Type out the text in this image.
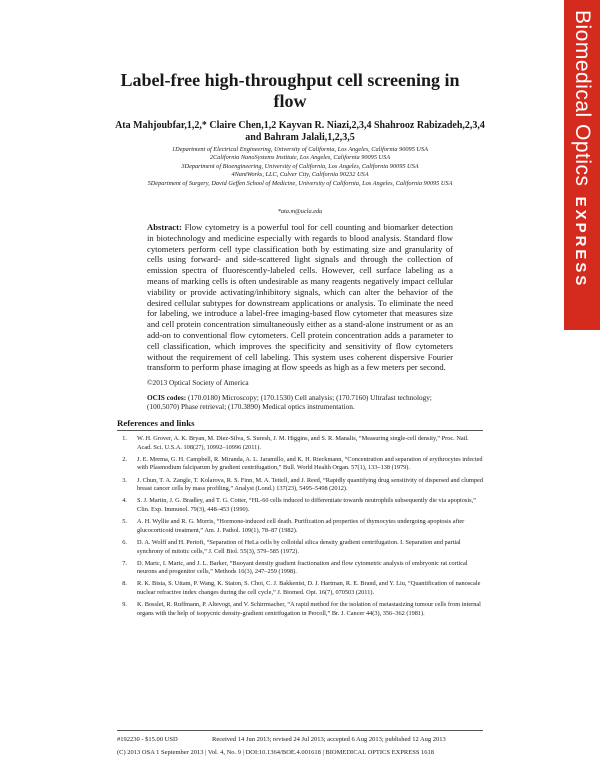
Biomedical OpticsEXPRESS
Label-free high-throughput cell screening in flow
Ata Mahjoubfar,1,2,* Claire Chen,1,2 Kayvan R. Niazi,2,3,4 Shahrooz Rabizadeh,2,3,4 and Bahram Jalali,1,2,3,5
1Department of Electrical Engineering, University of California, Los Angeles, California 90095 USA
2California NanoSystems Institute, Los Angeles, California 90095 USA
3Department of Bioengineering, University of California, Los Angeles, California 90095 USA
4NantWorks, LLC, Culver City, California 90232 USA
5Department of Surgery, David Geffen School of Medicine, University of California, Los Angeles, California 90095 USA
*ata.m@ucla.edu
Abstract: Flow cytometry is a powerful tool for cell counting and biomarker detection in biotechnology and medicine especially with regards to blood analysis. Standard flow cytometers perform cell type classification both by estimating size and granularity of cells using forward- and side-scattered light signals and through the collection of emission spectra of fluorescently-labeled cells. However, cell surface labeling as a means of marking cells is often undesirable as many reagents negatively impact cellular viability or provide activating/inhibitory signals, which can alter the behavior of the desired cellular subtypes for downstream applications or analysis. To eliminate the need for labeling, we introduce a label-free imaging-based flow cytometer that measures size and cell protein concentration simultaneously either as a stand-alone instrument or as an add-on to conventional flow cytometers. Cell protein concentration adds a parameter to cell classification, which improves the specificity and sensitivity of flow cytometers without the requirement of cell labeling. This system uses coherent dispersive Fourier transform to perform phase imaging at flow speeds as high as a few meters per second.
©2013 Optical Society of America
OCIS codes: (170.0180) Microscopy; (170.1530) Cell analysis; (170.7160) Ultrafast technology; (100.5070) Phase retrieval; (170.3890) Medical optics instrumentation.
References and links
1. W. H. Grover, A. K. Bryan, M. Diez-Silva, S. Suresh, J. M. Higgins, and S. R. Manalis, “Measuring single-cell density,” Proc. Natl. Acad. Sci. U.S.A. 108(27), 10992–10996 (2011).
2. J. E. Mrema, G. H. Campbell, R. Miranda, A. L. Jaramillo, and K. H. Rieckmann, “Concentration and separation of erythrocytes infected with Plasmodium falciparum by gradient centrifugation,” Bull. World Health Organ. 57(1), 133–138 (1979).
3. J. Chun, T. A. Zangle, T. Kolarova, R. S. Finn, M. A. Teitell, and J. Reed, “Rapidly quantifying drug sensitivity of dispersed and clumped breast cancer cells by mass profiling,” Analyst (Lond.) 137(23), 5495–5498 (2012).
4. S. J. Martin, J. G. Bradley, and T. G. Cotter, “HL-60 cells induced to differentiate towards neutrophils subsequently die via apoptosis,” Clin. Exp. Immunol. 79(3), 448–453 (1990).
5. A. H. Wyllie and R. G. Morris, “Hormone-induced cell death. Purification ad properties of thymocytes undergoing apoptosis after glucocorticoid treatment,” Am. J. Pathol. 109(1), 78–87 (1982).
6. D. A. Wolff and H. Pertoft, “Separation of HeLa cells by colloidal silica density gradient centrifugation. I. Separation and partial synchrony of mitotic cells,” J. Cell Biol. 55(3), 579–585 (1972).
7. D. Maric, I. Maric, and J. L. Barker, “Buoyant density gradient fractionation and flow cytometric analysis of embryonic rat cortical neurons and progenitor cells,” Methods 16(3), 247–259 (1998).
8. R. K. Bista, S. Uttam, P. Wang, K. Staton, S. Choi, C. J. Bakkenist, D. J. Hartman, R. E. Brand, and Y. Liu, “Quantification of nanoscale nuclear refractive index changes during the cell cycle,” J. Biomed. Opt. 16(7), 070503 (2011).
9. K. Bosslet, R. Ruffmann, P. Altevogt, and V. Schirrmacher, “A rapid method for the isolation of metastasizing tumour cells from internal organs with the help of isopycnic density-gradient centrifugation in Percoll,” Br. J. Cancer 44(3), 356–362 (1981).
#192230 - $15.00 USD	Received 14 Jun 2013; revised 24 Jul 2013; accepted 6 Aug 2013; published 12 Aug 2013
(C) 2013 OSA 1 September 2013 | Vol. 4, No. 9 | DOI:10.1364/BOE.4.001618 | BIOMEDICAL OPTICS EXPRESS 1618
